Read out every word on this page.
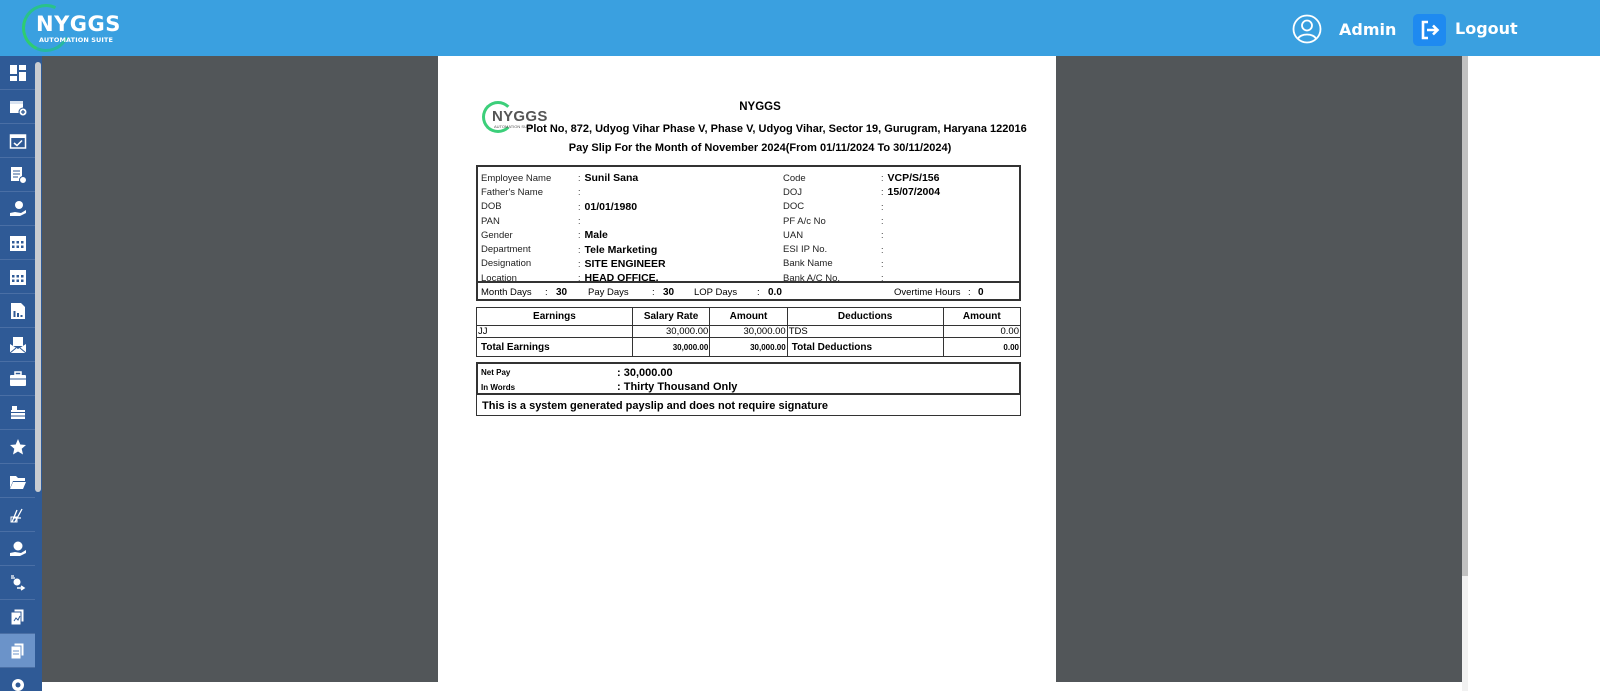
NYGGS
AUTOMATION SUITE
Admin	Logout
NYGGS
AUTOMATION SUITE
NYGGS
Plot No, 872, Udyog Vihar Phase V, Phase V, Udyog Vihar, Sector 19, Gurugram, Haryana 122016
Pay Slip For the Month of November 2024(From 01/11/2024 To 30/11/2024)
Employee Name	: Sunil Sana
Father's Name	:
DOB	: 01/01/1980
PAN	:
Gender	: Male
Department	: Tele Marketing
Designation	: SITE ENGINEER
Location	: HEAD OFFICE.
Code	: VCP/S/156
DOJ	: 15/07/2004
DOC	:
PF A/c No	:
UAN	:
ESI IP No.	:
Bank Name	:
Bank A/C No.	:
Month Days : 30 Pay Days : 30 LOP Days : 0.0	Overtime Hours : 0
Earnings	Salary Rate	Amount	Deductions	Amount
JJ	30,000.00	30,000.00	TDS	0.00
Total Earnings	30,000.00	30,000.00	Total Deductions	0.00
Net Pay	: 30,000.00
In Words	: Thirty Thousand Only
This is a system generated payslip and does not require signature
